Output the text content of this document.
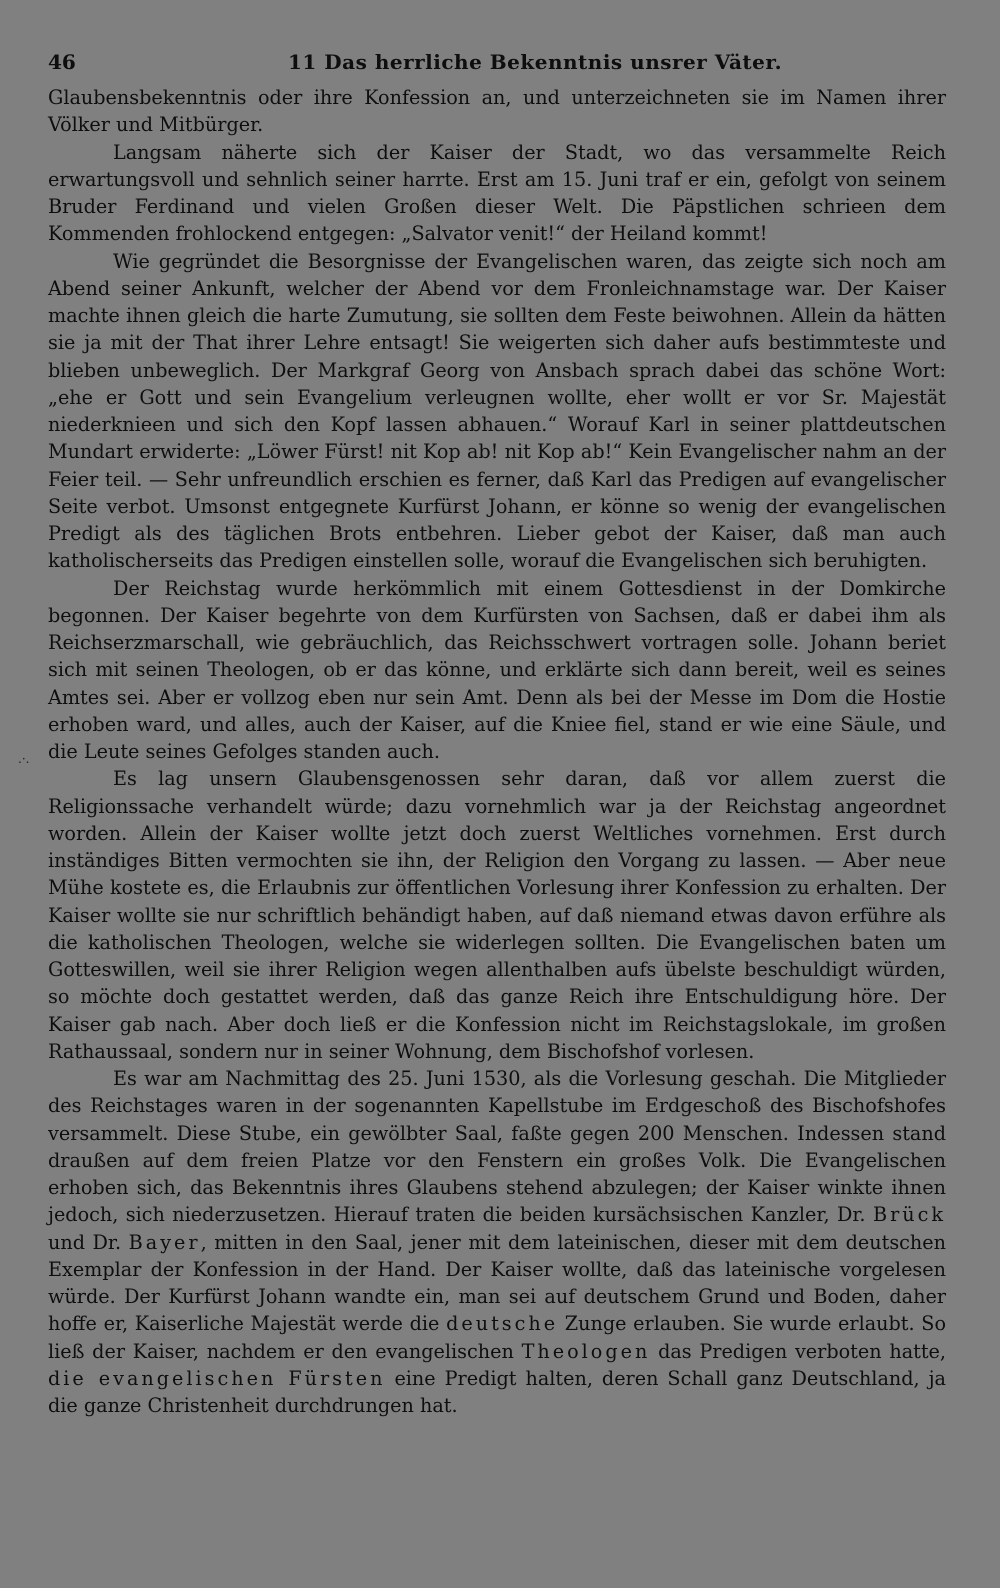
46	11 Das herrliche Bekenntnis unsrer Väter.

Glaubensbekenntnis oder ihre Konfession an, und unterzeichneten sie im Namen ihrer Völker und Mitbürger.

Langsam näherte sich der Kaiser der Stadt, wo das versammelte Reich erwartungsvoll und sehnlich seiner harrte. Erst am 15. Juni traf er ein, gefolgt von seinem Bruder Ferdinand und vielen Großen dieser Welt. Die Päpstlichen schrieen dem Kommenden frohlockend entgegen: „Salvator venit!“ der Heiland kommt!

Wie gegründet die Besorgnisse der Evangelischen waren, das zeigte sich noch am Abend seiner Ankunft, welcher der Abend vor dem Fronleichnamstage war. Der Kaiser machte ihnen gleich die harte Zumutung, sie sollten dem Feste beiwohnen. Allein da hätten sie ja mit der That ihrer Lehre entsagt! Sie weigerten sich daher aufs bestimmteste und blieben unbeweglich. Der Markgraf Georg von Ansbach sprach dabei das schöne Wort: „ehe er Gott und sein Evangelium verleugnen wollte, eher wollt er vor Sr. Majestät niederknieen und sich den Kopf lassen abhauen.“ Worauf Karl in seiner plattdeutschen Mundart erwiderte: „Löwer Fürst! nit Kop ab! nit Kop ab!“ Kein Evangelischer nahm an der Feier teil. — Sehr unfreundlich erschien es ferner, daß Karl das Predigen auf evangelischer Seite verbot. Umsonst entgegnete Kurfürst Johann, er könne so wenig der evangelischen Predigt als des täglichen Brots entbehren. Lieber gebot der Kaiser, daß man auch katholischerseits das Predigen einstellen solle, worauf die Evangelischen sich beruhigten.

Der Reichstag wurde herkömmlich mit einem Gottesdienst in der Domkirche begonnen. Der Kaiser begehrte von dem Kurfürsten von Sachsen, daß er dabei ihm als Reichserzmarschall, wie gebräuchlich, das Reichsschwert vortragen solle. Johann beriet sich mit seinen Theologen, ob er das könne, und erklärte sich dann bereit, weil es seines Amtes sei. Aber er vollzog eben nur sein Amt. Denn als bei der Messe im Dom die Hostie erhoben ward, und alles, auch der Kaiser, auf die Kniee fiel, stand er wie eine Säule, und die Leute seines Gefolges standen auch.

Es lag unsern Glaubensgenossen sehr daran, daß vor allem zuerst die Religionssache verhandelt würde; dazu vornehmlich war ja der Reichstag angeordnet worden. Allein der Kaiser wollte jetzt doch zuerst Weltliches vornehmen. Erst durch inständiges Bitten vermochten sie ihn, der Religion den Vorgang zu lassen. — Aber neue Mühe kostete es, die Erlaubnis zur öffentlichen Vorlesung ihrer Konfession zu erhalten. Der Kaiser wollte sie nur schriftlich behändigt haben, auf daß niemand etwas davon erführe als die katholischen Theologen, welche sie widerlegen sollten. Die Evangelischen baten um Gotteswillen, weil sie ihrer Religion wegen allenthalben aufs übelste beschuldigt würden, so möchte doch gestattet werden, daß das ganze Reich ihre Entschuldigung höre. Der Kaiser gab nach. Aber doch ließ er die Konfession nicht im Reichstagslokale, im großen Rathaussaal, sondern nur in seiner Wohnung, dem Bischofshof vorlesen.

Es war am Nachmittag des 25. Juni 1530, als die Vorlesung geschah. Die Mitglieder des Reichstages waren in der sogenannten Kapellstube im Erdgeschoß des Bischofshofes versammelt. Diese Stube, ein gewölbter Saal, faßte gegen 200 Menschen. Indessen stand draußen auf dem freien Platze vor den Fenstern ein großes Volk. Die Evangelischen erhoben sich, das Bekenntnis ihres Glaubens stehend abzulegen; der Kaiser winkte ihnen jedoch, sich niederzusetzen. Hierauf traten die beiden kursächsischen Kanzler, Dr. Brück und Dr. Bayer, mitten in den Saal, jener mit dem lateinischen, dieser mit dem deutschen Exemplar der Konfession in der Hand. Der Kaiser wollte, daß das lateinische vorgelesen würde. Der Kurfürst Johann wandte ein, man sei auf deutschem Grund und Boden, daher hoffe er, Kaiserliche Majestät werde die deutsche Zunge erlauben. Sie wurde erlaubt. So ließ der Kaiser, nachdem er den evangelischen Theologen das Predigen verboten hatte, die evangelischen Fürsten eine Predigt halten, deren Schall ganz Deutschland, ja die ganze Christenheit durchdrungen hat.

.·.
